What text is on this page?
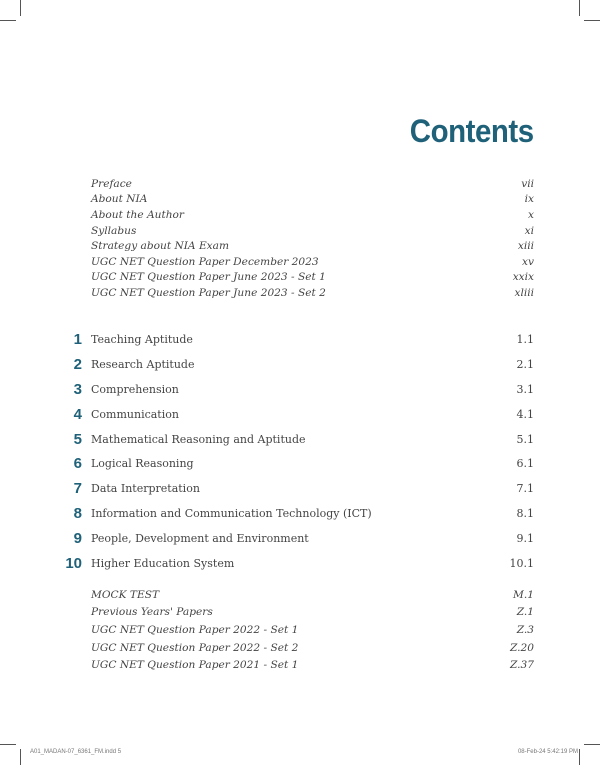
Contents
Preface	vii
About NIA	ix
About the Author	x
Syllabus	xi
Strategy about NIA Exam	xiii
UGC NET Question Paper December 2023	xv
UGC NET Question Paper June 2023 - Set 1	xxix
UGC NET Question Paper June 2023 - Set 2	xliii
1 Teaching Aptitude	1.1
2 Research Aptitude	2.1
3 Comprehension	3.1
4 Communication	4.1
5 Mathematical Reasoning and Aptitude	5.1
6 Logical Reasoning	6.1
7 Data Interpretation	7.1
8 Information and Communication Technology (ICT)	8.1
9 People, Development and Environment	9.1
10 Higher Education System	10.1
MOCK TEST	M.1
Previous Years' Papers	Z.1
UGC NET Question Paper 2022 - Set 1	Z.3
UGC NET Question Paper 2022 - Set 2	Z.20
UGC NET Question Paper 2021 - Set 1	Z.37
A01_MADAN-07_6361_FM.indd 5	08-Feb-24 5:42:19 PM
